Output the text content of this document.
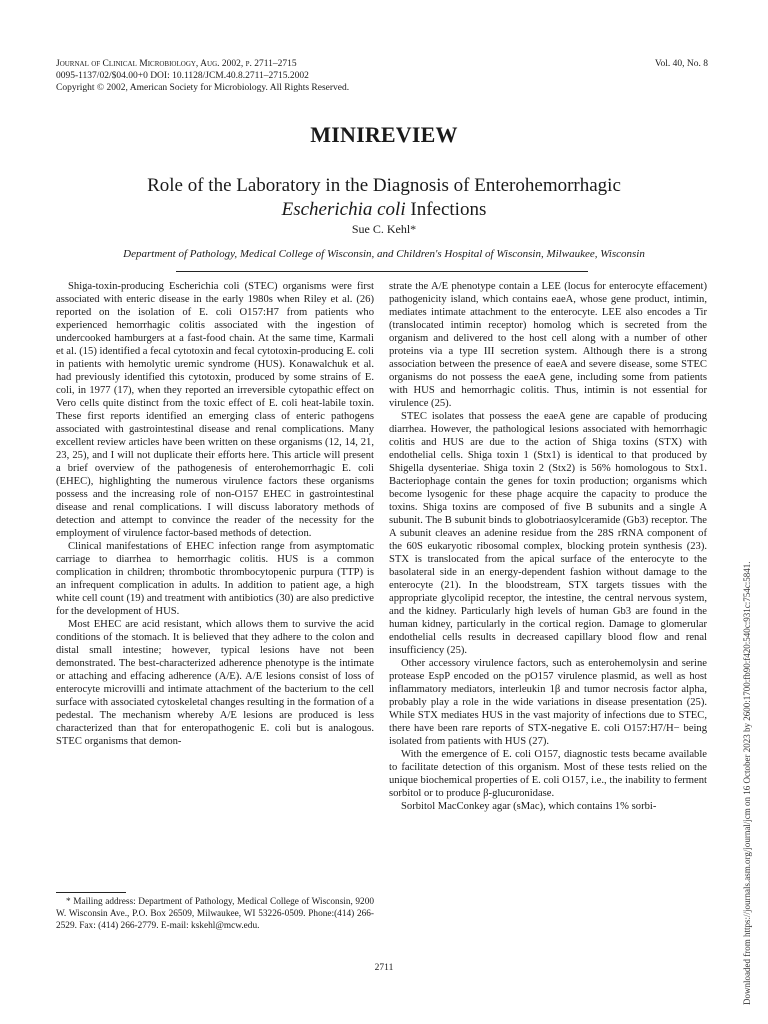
Journal of Clinical Microbiology, Aug. 2002, p. 2711–2715
0095-1137/02/$04.00+0 DOI: 10.1128/JCM.40.8.2711–2715.2002
Copyright © 2002, American Society for Microbiology. All Rights Reserved.
Vol. 40, No. 8
MINIREVIEW
Role of the Laboratory in the Diagnosis of Enterohemorrhagic
Escherichia coli Infections
Sue C. Kehl*
Department of Pathology, Medical College of Wisconsin, and Children's Hospital of Wisconsin, Milwaukee, Wisconsin

Shiga-toxin-producing Escherichia coli (STEC) organisms were first associated with enteric disease in the early 1980s when Riley et al. (26) reported on the isolation of E. coli O157:H7 from patients who experienced hemorrhagic colitis associated with the ingestion of undercooked hamburgers at a fast-food chain. At the same time, Karmali et al. (15) identified a fecal cytotoxin and fecal cytotoxin-producing E. coli in patients with hemolytic uremic syndrome (HUS). Konawalchuk et al. had previously identified this cytotoxin, produced by some strains of E. coli, in 1977 (17), when they reported an irreversible cytopathic effect on Vero cells quite distinct from the toxic effect of E. coli heat-labile toxin. These first reports identified an emerging class of enteric pathogens associated with gastrointestinal disease and renal complications. Many excellent review articles have been written on these organisms (12, 14, 21, 23, 25), and I will not duplicate their efforts here. This article will present a brief overview of the pathogenesis of enterohemorrhagic E. coli (EHEC), highlighting the numerous virulence factors these organisms possess and the increasing role of non-O157 EHEC in gastrointestinal disease and renal complications. I will discuss laboratory methods of detection and attempt to convince the reader of the necessity for the employment of virulence factor-based methods of detection.

Clinical manifestations of EHEC infection range from asymptomatic carriage to diarrhea to hemorrhagic colitis. HUS is a common complication in children; thrombotic thrombocytopenic purpura (TTP) is an infrequent complication in adults. In addition to patient age, a high white cell count (19) and treatment with antibiotics (30) are also predictive for the development of HUS.

Most EHEC are acid resistant, which allows them to survive the acid conditions of the stomach. It is believed that they adhere to the colon and distal small intestine; however, typical lesions have not been demonstrated. The best-characterized adherence phenotype is the intimate or attaching and effacing adherence (A/E). A/E lesions consist of loss of enterocyte microvilli and intimate attachment of the bacterium to the cell surface with associated cytoskeletal changes resulting in the formation of a pedestal. The mechanism whereby A/E lesions are produced is less characterized than that for enteropathogenic E. coli but is analogous. STEC organisms that demon-

strate the A/E phenotype contain a LEE (locus for enterocyte effacement) pathogenicity island, which contains eaeA, whose gene product, intimin, mediates intimate attachment to the enterocyte. LEE also encodes a Tir (translocated intimin receptor) homolog which is secreted from the organism and delivered to the host cell along with a number of other proteins via a type III secretion system. Although there is a strong association between the presence of eaeA and severe disease, some STEC organisms do not possess the eaeA gene, including some from patients with HUS and hemorrhagic colitis. Thus, intimin is not essential for virulence (25).

STEC isolates that possess the eaeA gene are capable of producing diarrhea. However, the pathological lesions associated with hemorrhagic colitis and HUS are due to the action of Shiga toxins (STX) with endothelial cells. Shiga toxin 1 (Stx1) is identical to that produced by Shigella dysenteriae. Shiga toxin 2 (Stx2) is 56% homologous to Stx1. Bacteriophage contain the genes for toxin production; organisms which become lysogenic for these phage acquire the capacity to produce the toxins. Shiga toxins are composed of five B subunits and a single A subunit. The B subunit binds to globotriaosylceramide (Gb3) receptor. The A subunit cleaves an adenine residue from the 28S rRNA component of the 60S eukaryotic ribosomal complex, blocking protein synthesis (23). STX is translocated from the apical surface of the enterocyte to the basolateral side in an energy-dependent fashion without damage to the enterocyte (21). In the bloodstream, STX targets tissues with the appropriate glycolipid receptor, the intestine, the central nervous system, and the kidney. Particularly high levels of human Gb3 are found in the human kidney, particularly in the cortical region. Damage to glomerular endothelial cells results in decreased capillary blood flow and renal insufficiency (25).

Other accessory virulence factors, such as enterohemolysin and serine protease EspP encoded on the pO157 virulence plasmid, as well as host inflammatory mediators, interleukin 1β and tumor necrosis factor alpha, probably play a role in the wide variations in disease presentation (25). While STX mediates HUS in the vast majority of infections due to STEC, there have been rare reports of STX-negative E. coli O157:H7/H− being isolated from patients with HUS (27).

With the emergence of E. coli O157, diagnostic tests became available to facilitate detection of this organism. Most of these tests relied on the unique biochemical properties of E. coli O157, i.e., the inability to ferment sorbitol or to produce β-glucuronidase.

Sorbitol MacConkey agar (sMac), which contains 1% sorbi-

* Mailing address: Department of Pathology, Medical College of Wisconsin, 9200 W. Wisconsin Ave., P.O. Box 26509, Milwaukee, WI 53226-0509. Phone:(414) 266-2529. Fax: (414) 266-2779. E-mail: kskehl@mcw.edu.
2711	Downloaded from https://journals.asm.org/journal/jcm on 16 October 2023 by 2600:1700:fb90:f420:540c:931c:754c:5841.
